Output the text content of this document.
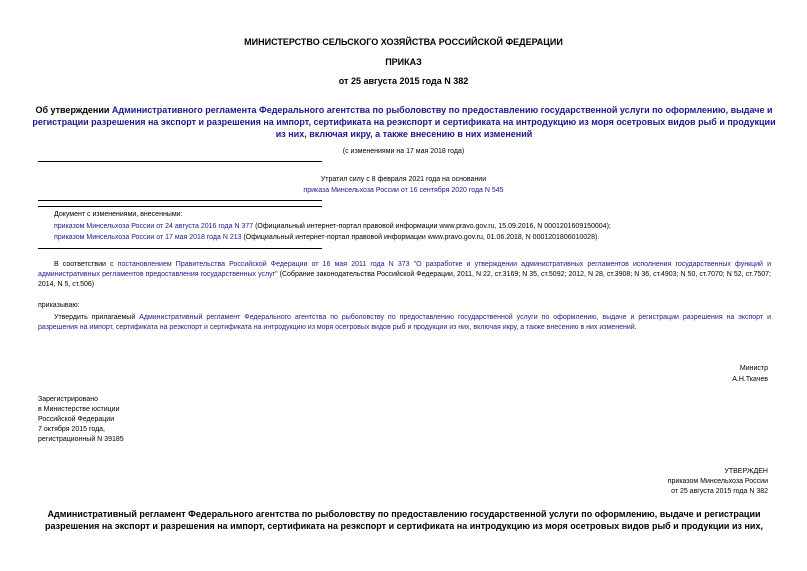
МИНИСТЕРСТВО СЕЛЬСКОГО ХОЗЯЙСТВА РОССИЙСКОЙ ФЕДЕРАЦИИ
ПРИКАЗ
от 25 августа 2015 года N 382
Об утверждении Административного регламента Федерального агентства по рыболовству по предоставлению государственной услуги по оформлению, выдаче и регистрации разрешения на экспорт и разрешения на импорт, сертификата на реэкспорт и сертификата на интродукцию из моря осетровых видов рыб и продукции из них, включая икру, а также внесению в них изменений
(с изменениями на 17 мая 2018 года)
Утратил силу с 8 февраля 2021 года на основании
приказа Минсельхоза России от 16 сентября 2020 года N 545
Документ с изменениями, внесенными:
приказом Минсельхоза России от 24 августа 2016 года N 377 (Официальный интернет-портал правовой информации www.pravo.gov.ru, 15.09.2016, N 0001201609150004);
приказом Минсельхоза России от 17 мая 2018 года N 213 (Официальный интернет-портал правовой информации www.pravo.gov.ru, 01.06.2018, N 0001201806010028).
В соответствии с постановлением Правительства Российской Федерации от 16 мая 2011 года N 373 "О разработке и утверждении административных регламентов исполнения государственных функций и административных регламентов предоставления государственных услуг" (Собрание законодательства Российской Федерации, 2011, N 22, ст.3169; N 35, ст.5092; 2012, N 28, ст.3908; N 36, ст.4903; N 50, ст.7070; N 52, ст.7507; 2014, N 5, ст.506)
приказываю:
Утвердить прилагаемый Административный регламент Федерального агентства по рыболовству по предоставлению государственной услуги по оформлению, выдаче и регистрации разрешения на экспорт и разрешения на импорт, сертификата на реэкспорт и сертификата на интродукцию из моря осетровых видов рыб и продукции из них, включая икру, а также внесению в них изменений.
Министр
А.Н.Ткачев
Зарегистрировано
в Министерстве юстиции
Российской Федерации
7 октября 2015 года,
регистрационный N 39185
УТВЕРЖДЕН
приказом Минсельхоза России
от 25 августа 2015 года N 382
Административный регламент Федерального агентства по рыболовству по предоставлению государственной услуги по оформлению, выдаче и регистрации разрешения на экспорт и разрешения на импорт, сертификата на реэкспорт и сертификата на интродукцию из моря осетровых видов рыб и продукции из них,
